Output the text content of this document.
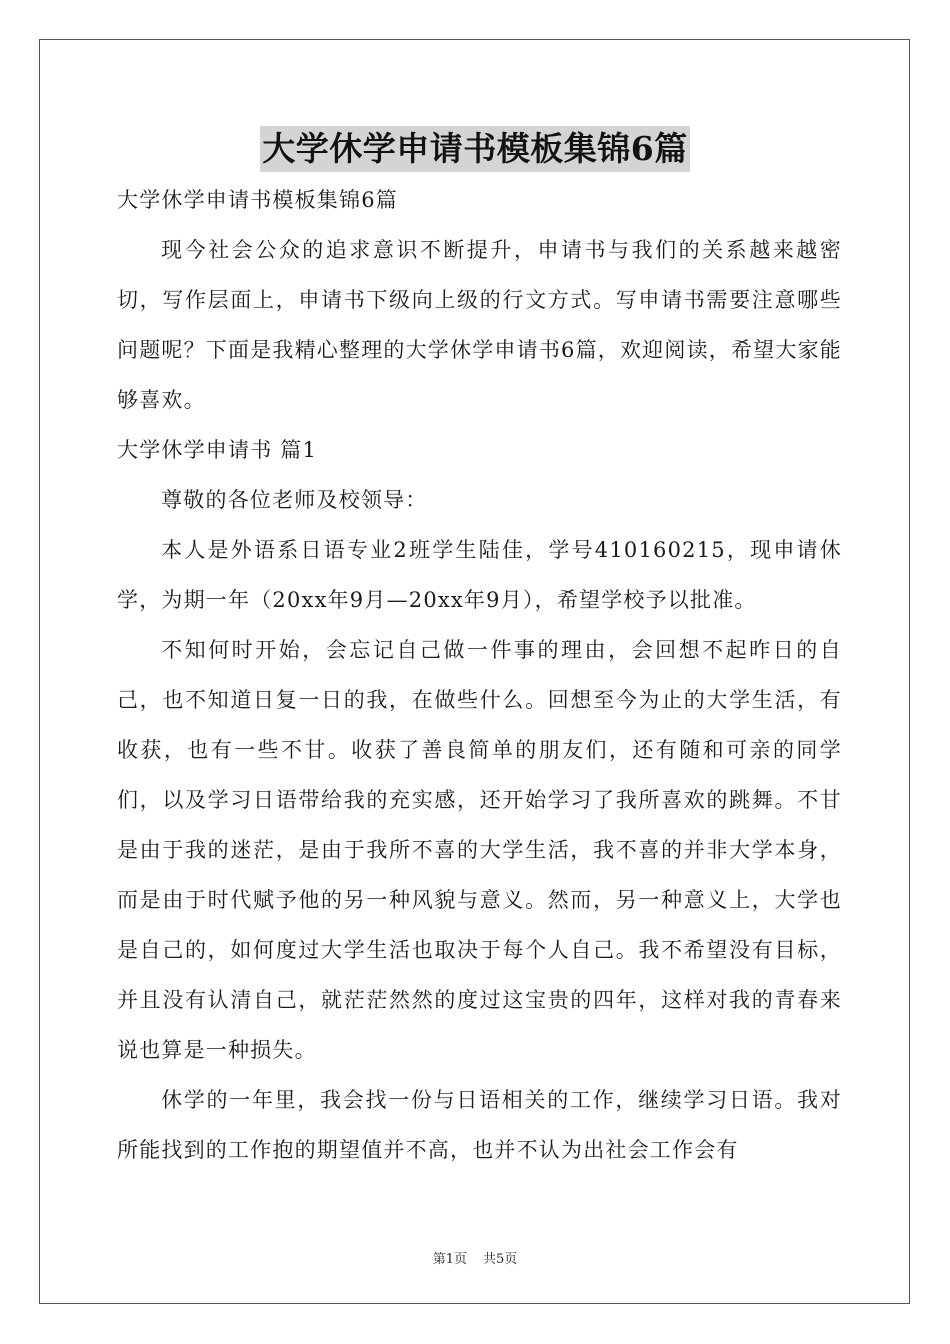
大学休学申请书模板集锦6篇

大学休学申请书模板集锦6篇

现今社会公众的追求意识不断提升，申请书与我们的关系越来越密切，写作层面上，申请书下级向上级的行文方式。写申请书需要注意哪些问题呢？下面是我精心整理的大学休学申请书6篇，欢迎阅读，希望大家能够喜欢。

大学休学申请书 篇1

尊敬的各位老师及校领导：

本人是外语系日语专业2班学生陆佳，学号410160215，现申请休学，为期一年（20xx年9月—20xx年9月），希望学校予以批准。

不知何时开始，会忘记自己做一件事的理由，会回想不起昨日的自己，也不知道日复一日的我，在做些什么。回想至今为止的大学生活，有收获，也有一些不甘。收获了善良简单的朋友们，还有随和可亲的同学们，以及学习日语带给我的充实感，还开始学习了我所喜欢的跳舞。不甘是由于我的迷茫，是由于我所不喜的大学生活，我不喜的并非大学本身，而是由于时代赋予他的另一种风貌与意义。然而，另一种意义上，大学也是自己的，如何度过大学生活也取决于每个人自己。我不希望没有目标，并且没有认清自己，就茫茫然然的度过这宝贵的四年，这样对我的青春来说也算是一种损失。

休学的一年里，我会找一份与日语相关的工作，继续学习日语。我对所能找到的工作抱的期望值并不高，也并不认为出社会工作会有

第1页 共5页
